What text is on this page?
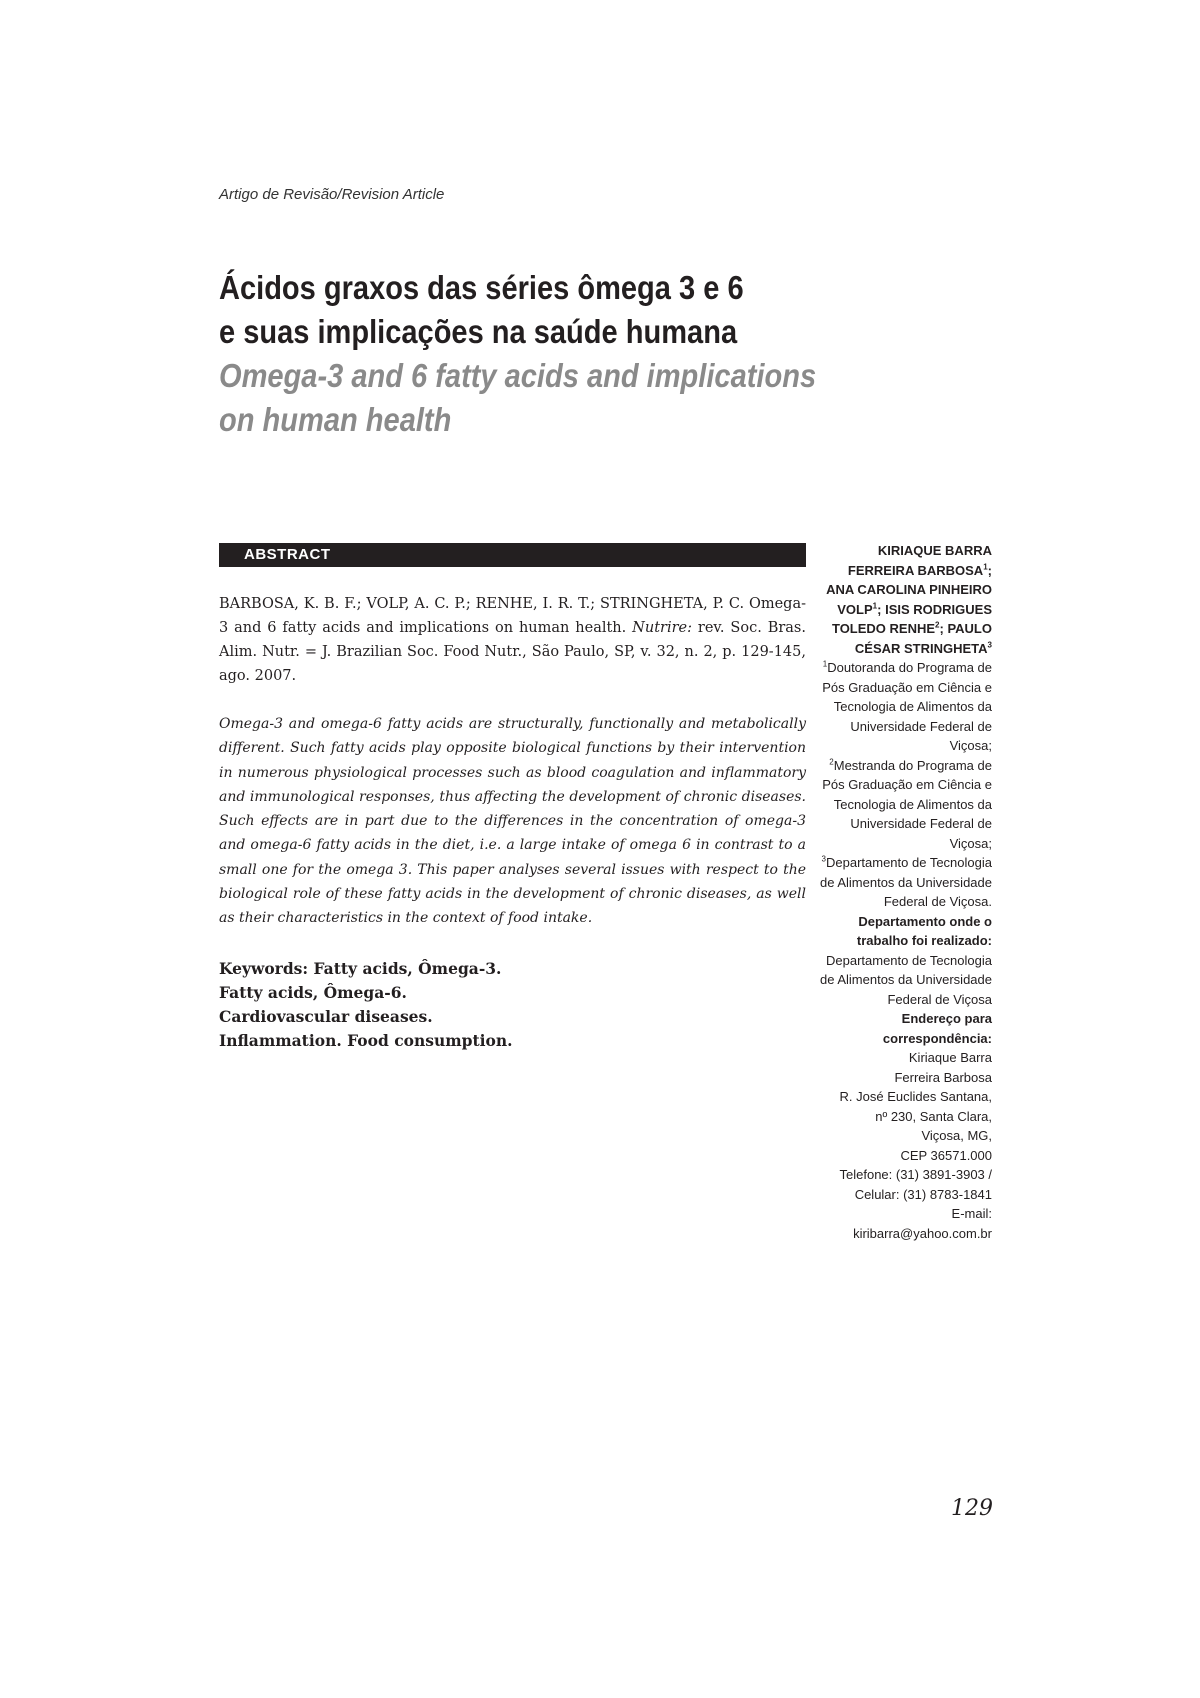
Artigo de Revisão/Revision Article
Ácidos graxos das séries ômega 3 e 6
e suas implicações na saúde humana
Omega-3 and 6 fatty acids and implications
on human health
ABSTRACT

BARBOSA, K. B. F.; VOLP, A. C. P.; RENHE, I. R. T.; STRINGHETA, P. C. Omega-3 and 6 fatty acids and implications on human health. Nutrire: rev. Soc. Bras. Alim. Nutr. = J. Brazilian Soc. Food Nutr., São Paulo, SP, v. 32, n. 2, p. 129-145, ago. 2007.

Omega-3 and omega-6 fatty acids are structurally, functionally and metabolically different. Such fatty acids play opposite biological functions by their intervention in numerous physiological processes such as blood coagulation and inflammatory and immunological responses, thus affecting the development of chronic diseases. Such effects are in part due to the differences in the concentration of omega-3 and omega-6 fatty acids in the diet, i.e. a large intake of omega 6 in contrast to a small one for the omega 3. This paper analyses several issues with respect to the biological role of these fatty acids in the development of chronic diseases, as well as their characteristics in the context of food intake.

Keywords: Fatty acids, Ômega-3.
Fatty acids, Ômega-6.
Cardiovascular diseases.
Inflammation. Food consumption.

KIRIAQUE BARRA
FERREIRA BARBOSA$^1$;
ANA CAROLINA PINHEIRO
VOLP$^1$; ISIS RODRIGUES
TOLEDO RENHE$^2$; PAULO
CÉSAR STRINGHETA$^3$

$^1$Doutoranda do Programa de Pós Graduação em Ciência e Tecnologia de Alimentos da Universidade Federal de Viçosa;

$^2$Mestranda do Programa de Pós Graduação em Ciência e Tecnologia de Alimentos da Universidade Federal de Viçosa;

$^3$Departamento de Tecnologia de Alimentos da Universidade Federal de Viçosa.

Departamento onde o trabalho foi realizado: Departamento de Tecnologia de Alimentos da Universidade Federal de Viçosa

Endereço para correspondência:

Kiriaque Barra
Ferreira Barbosa
R. José Euclides Santana,
nº 230, Santa Clara,
Viçosa, MG,
CEP 36571.000
Telefone: (31) 3891-3903 /
Celular: (31) 8783-1841
E-mail:
kiribarra@yahoo.com.br

129
